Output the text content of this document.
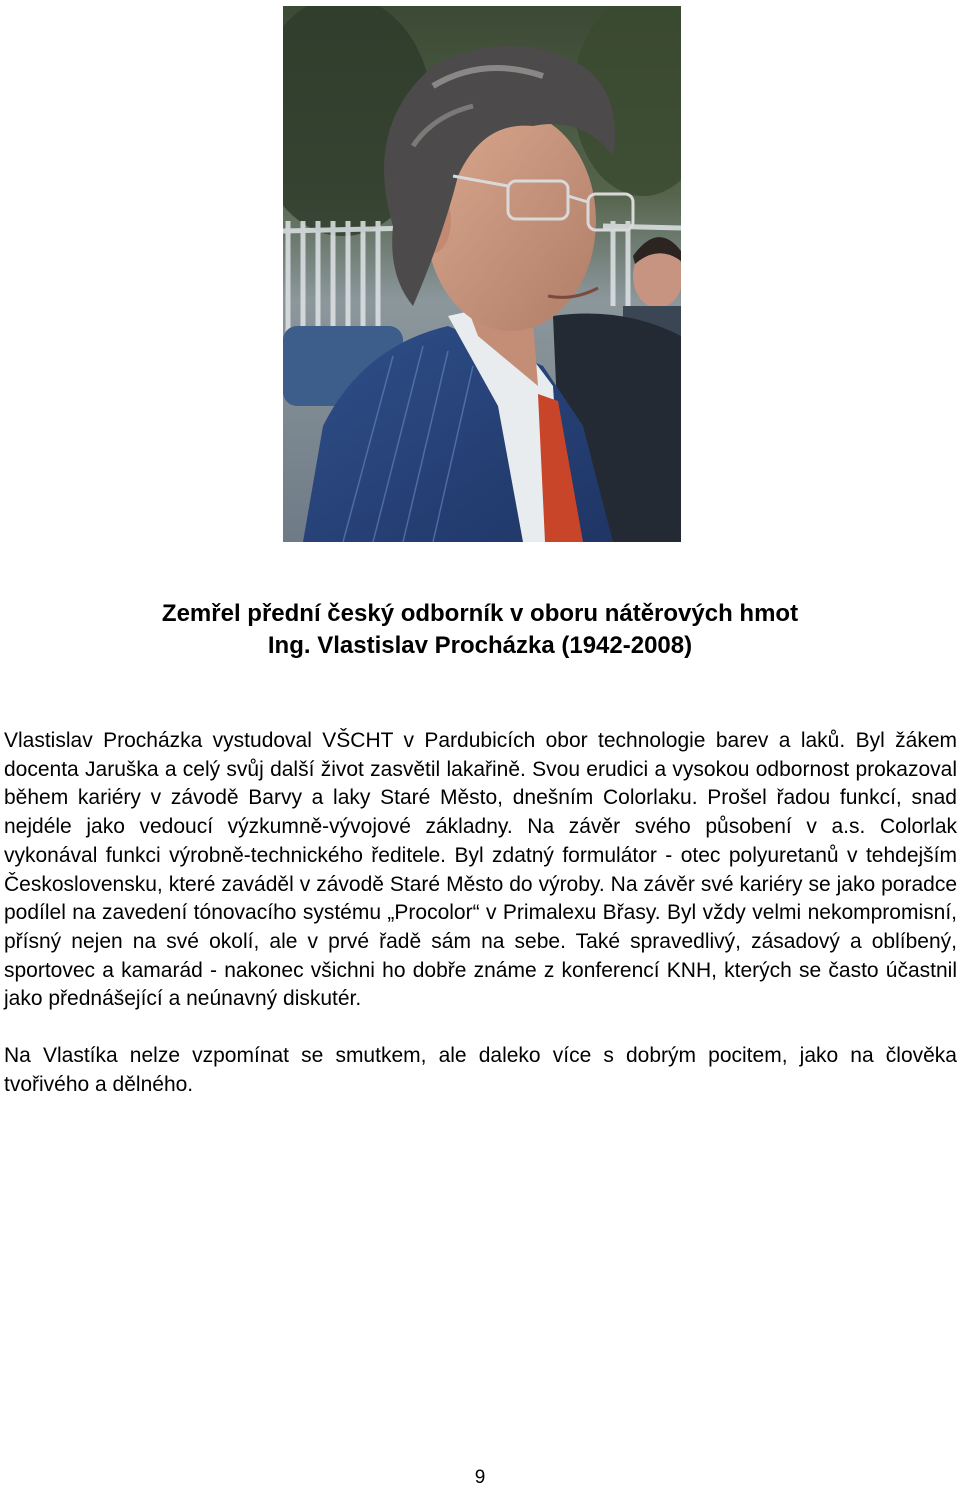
Zemřel přední český odborník v oboru nátěrových hmot
Ing. Vlastislav Procházka (1942-2008)

Vlastislav Procházka vystudoval VŠCHT v Pardubicích obor technologie barev a laků. Byl žákem docenta Jaruška a celý svůj další život zasvětil lakařině. Svou erudici a vysokou odbornost prokazoval během kariéry v závodě Barvy a laky Staré Město, dnešním Colorlaku. Prošel řadou funkcí, snad nejdéle jako vedoucí výzkumně-vývojové základny. Na závěr svého působení v a.s. Colorlak vykonával funkci výrobně-technického ředitele. Byl zdatný formulátor - otec polyuretanů v tehdejším Československu, které zaváděl v závodě Staré Město do výroby. Na závěr své kariéry se jako poradce podílel na zavedení tónovacího systému „Procolor“ v Primalexu Břasy. Byl vždy velmi nekompromisní, přísný nejen na své okolí, ale v prvé řadě sám na sebe. Také spravedlivý, zásadový a oblíbený, sportovec a kamarád - nakonec všichni ho dobře známe z konferencí KNH, kterých se často účastnil jako přednášející a neúnavný diskutér.

Na Vlastíka nelze vzpomínat se smutkem, ale daleko více s dobrým pocitem, jako na člověka tvořivého a dělného.

9
